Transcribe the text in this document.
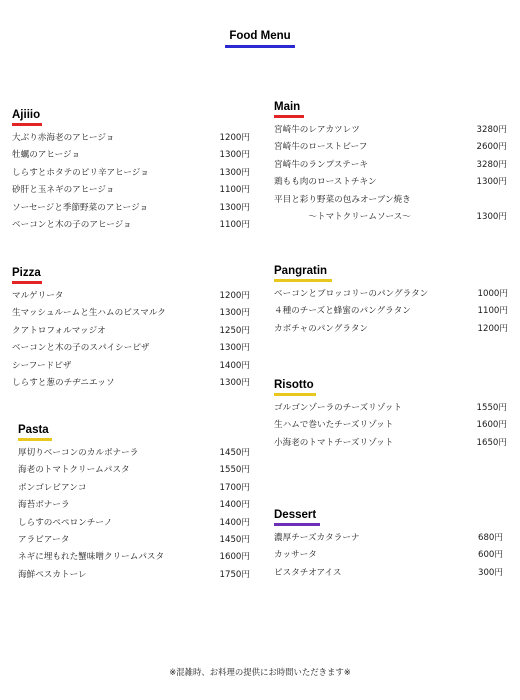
Food Menu
Ajiiio
大ぶり赤海老のアヒージョ	1200円
牡蠣のアヒージョ	1300円
しらすとホタテのピリ辛アヒージョ	1300円
砂肝と玉ネギのアヒージョ	1100円
ソーセージと季節野菜のアヒージョ	1300円
ベーコンと木の子のアヒージョ	1100円
Pizza
マルゲリータ	1200円
生マッシュルームと生ハムのビスマルク	1300円
クアトロフォルマッジオ	1250円
ベーコンと木の子のスパイシーピザ	1300円
シーフードピザ	1400円
しらすと葱のチヂニエッソ	1300円
Pasta
厚切りベーコンのカルボナーラ	1450円
海老のトマトクリームパスタ	1550円
ボンゴレビアンコ	1700円
海苔ボナーラ	1400円
しらすのペペロンチーノ	1400円
アラビアータ	1450円
ネギに埋もれた蟹味噌クリームパスタ	1600円
海鮮ペスカトーレ	1750円
Main
宮崎牛のレアカツレツ	3280円
宮崎牛のローストビーフ	2600円
宮崎牛のランプステーキ	3280円
鶏もも肉のローストチキン	1300円
平目と彩り野菜の包みオーブン焼き
　　　　～トマトクリームソース～	1300円
Pangratin
ベーコンとブロッコリーのパングラタン	1000円
４種のチーズと蜂蜜のパングラタン	1100円
カボチャのパングラタン	1200円
Risotto
ゴルゴンゾーラのチーズリゾット	1550円
生ハムで巻いたチーズリゾット	1600円
小海老のトマトチーズリゾット	1650円
Dessert
濃厚チーズカタラーナ	680円
カッサータ	600円
ピスタチオアイス	300円
※混雑時、お料理の提供にお時間いただきます※
